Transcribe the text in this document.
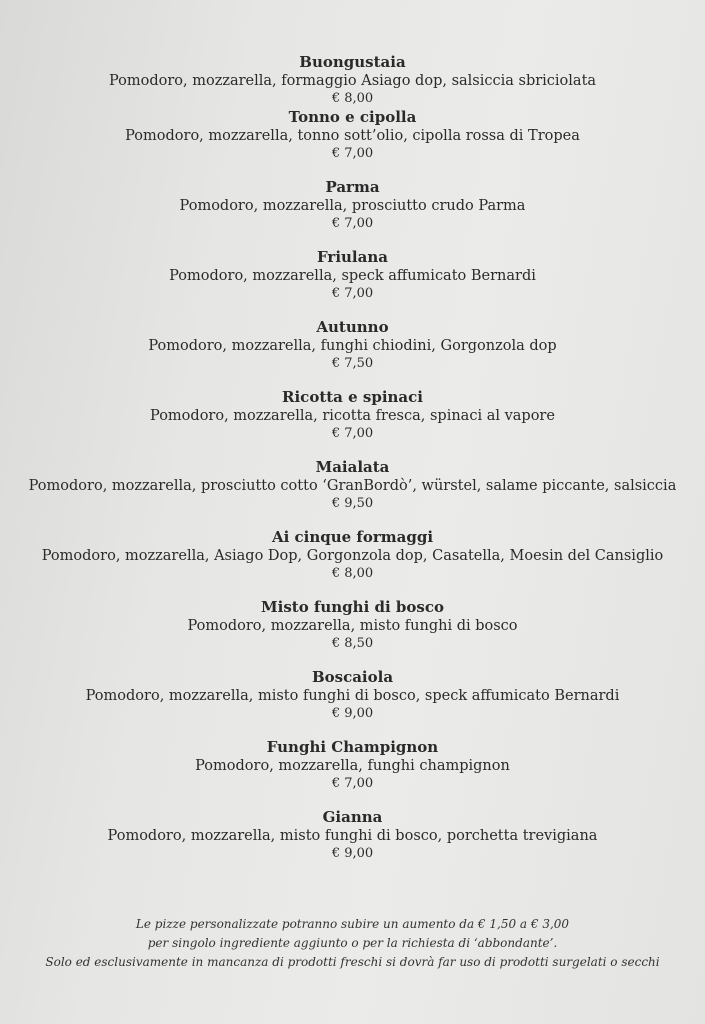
Buongustaia
Pomodoro, mozzarella, formaggio Asiago dop, salsiccia sbriciolata
€ 8,00
Tonno e cipolla
Pomodoro, mozzarella, tonno sott’olio, cipolla rossa di Tropea
€ 7,00
Parma
Pomodoro, mozzarella, prosciutto crudo Parma
€ 7,00
Friulana
Pomodoro, mozzarella, speck affumicato Bernardi
€ 7,00
Autunno
Pomodoro, mozzarella, funghi chiodini, Gorgonzola dop
€ 7,50
Ricotta e spinaci
Pomodoro, mozzarella, ricotta fresca, spinaci al vapore
€ 7,00
Maialata
Pomodoro, mozzarella, prosciutto cotto ‘GranBordò’, würstel, salame piccante, salsiccia
€ 9,50
Ai cinque formaggi
Pomodoro, mozzarella, Asiago Dop, Gorgonzola dop, Casatella, Moesin del Cansiglio
€ 8,00
Misto funghi di bosco
Pomodoro, mozzarella, misto funghi di bosco
€ 8,50
Boscaiola
Pomodoro, mozzarella, misto funghi di bosco, speck affumicato Bernardi
€ 9,00
Funghi Champignon
Pomodoro, mozzarella, funghi champignon
€ 7,00
Gianna
Pomodoro, mozzarella, misto funghi di bosco, porchetta trevigiana
€ 9,00
Le pizze personalizzate potranno subire un aumento da € 1,50 a € 3,00
per singolo ingrediente aggiunto o per la richiesta di ‘abbondante’.
Solo ed esclusivamente in mancanza di prodotti freschi si dovrà far uso di prodotti surgelati o secchi
